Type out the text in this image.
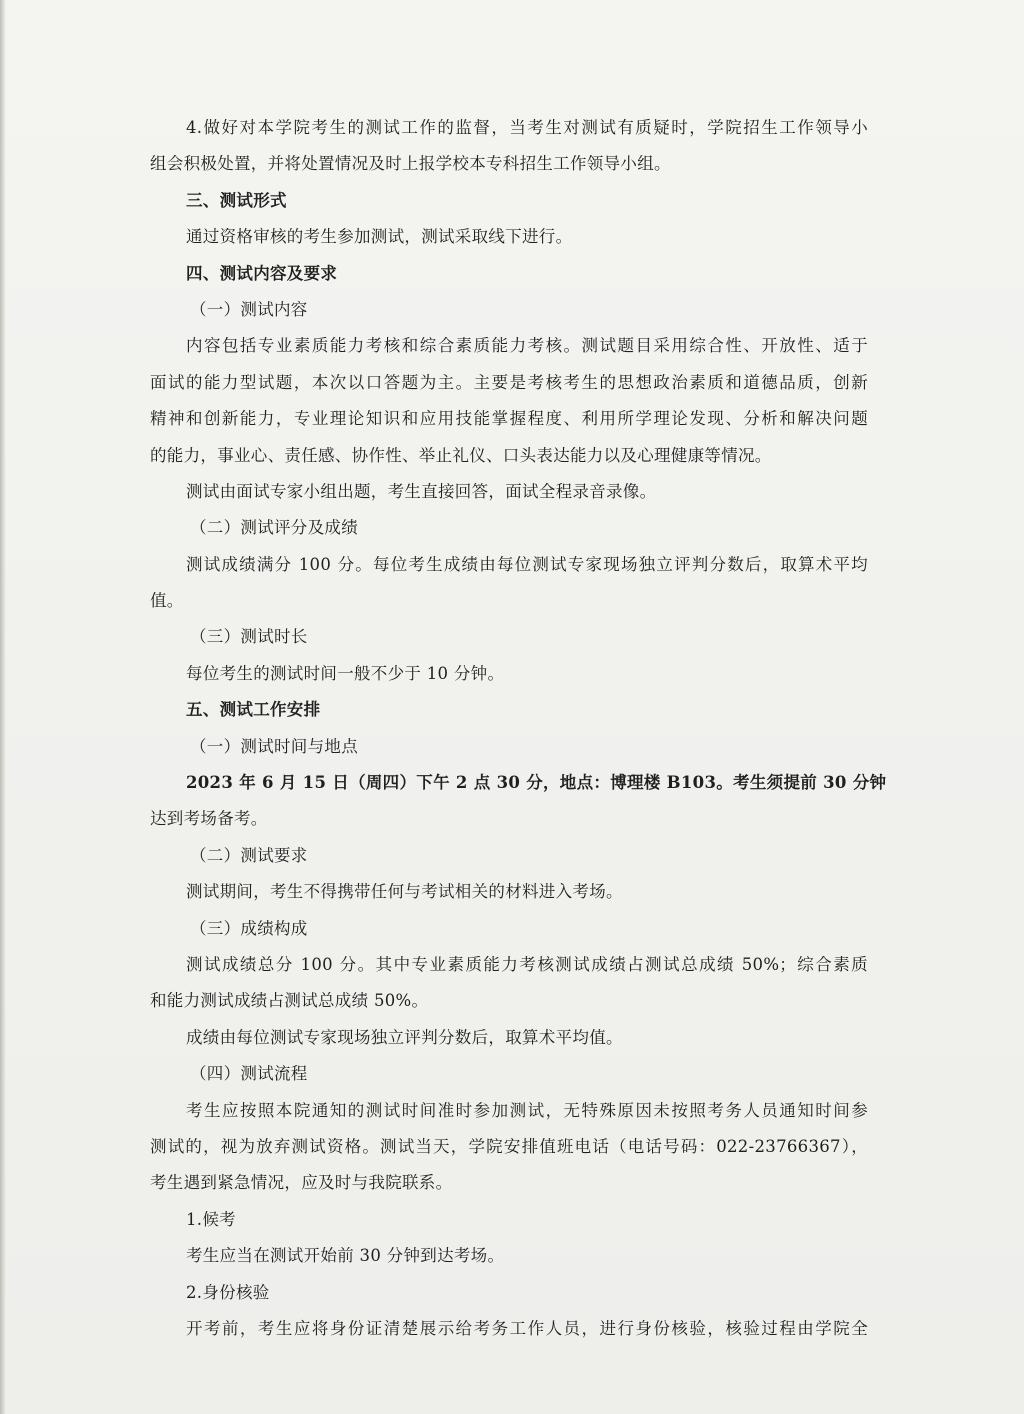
4.做好对本学院考生的测试工作的监督，当考生对测试有质疑时，学院招生工作领导小
组会积极处置，并将处置情况及时上报学校本专科招生工作领导小组。
三、测试形式
通过资格审核的考生参加测试，测试采取线下进行。
四、测试内容及要求
（一）测试内容
内容包括专业素质能力考核和综合素质能力考核。测试题目采用综合性、开放性、适于
面试的能力型试题，本次以口答题为主。主要是考核考生的思想政治素质和道德品质，创新
精神和创新能力，专业理论知识和应用技能掌握程度、利用所学理论发现、分析和解决问题
的能力，事业心、责任感、协作性、举止礼仪、口头表达能力以及心理健康等情况。
测试由面试专家小组出题，考生直接回答，面试全程录音录像。
（二）测试评分及成绩
测试成绩满分 100 分。每位考生成绩由每位测试专家现场独立评判分数后，取算术平均
值。
（三）测试时长
每位考生的测试时间一般不少于 10 分钟。
五、测试工作安排
（一）测试时间与地点
2023 年 6 月 15 日（周四）下午 2 点 30 分，地点：博理楼 B103。考生须提前 30 分钟
达到考场备考。
（二）测试要求
测试期间，考生不得携带任何与考试相关的材料进入考场。
（三）成绩构成
测试成绩总分 100 分。其中专业素质能力考核测试成绩占测试总成绩 50%；综合素质
和能力测试成绩占测试总成绩 50%。
成绩由每位测试专家现场独立评判分数后，取算术平均值。
（四）测试流程
考生应按照本院通知的测试时间准时参加测试，无特殊原因未按照考务人员通知时间参
测试的，视为放弃测试资格。测试当天，学院安排值班电话（电话号码：022-23766367），
考生遇到紧急情况，应及时与我院联系。
1.候考
考生应当在测试开始前 30 分钟到达考场。
2.身份核验
开考前，考生应将身份证清楚展示给考务工作人员，进行身份核验，核验过程由学院全
